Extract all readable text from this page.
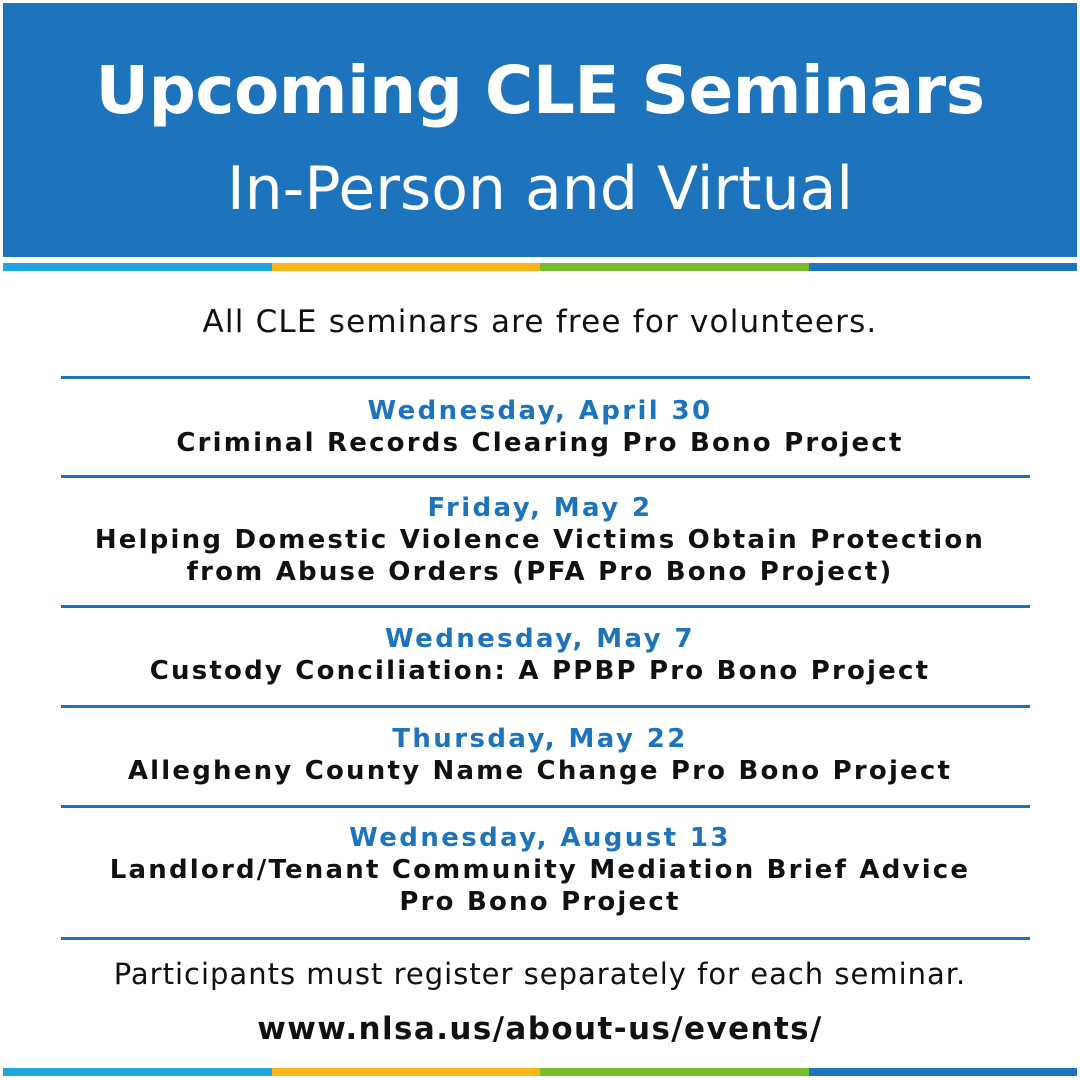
Upcoming CLE Seminars
In-Person and Virtual
All CLE seminars are free for volunteers.
Wednesday, April 30
Criminal Records Clearing Pro Bono Project
Friday, May 2
Helping Domestic Violence Victims Obtain Protection
from Abuse Orders (PFA Pro Bono Project)
Wednesday, May 7
Custody Conciliation: A PPBP Pro Bono Project
Thursday, May 22
Allegheny County Name Change Pro Bono Project
Wednesday, August 13
Landlord/Tenant Community Mediation Brief Advice
Pro Bono Project
Participants must register separately for each seminar.
www.nlsa.us/about-us/events/
